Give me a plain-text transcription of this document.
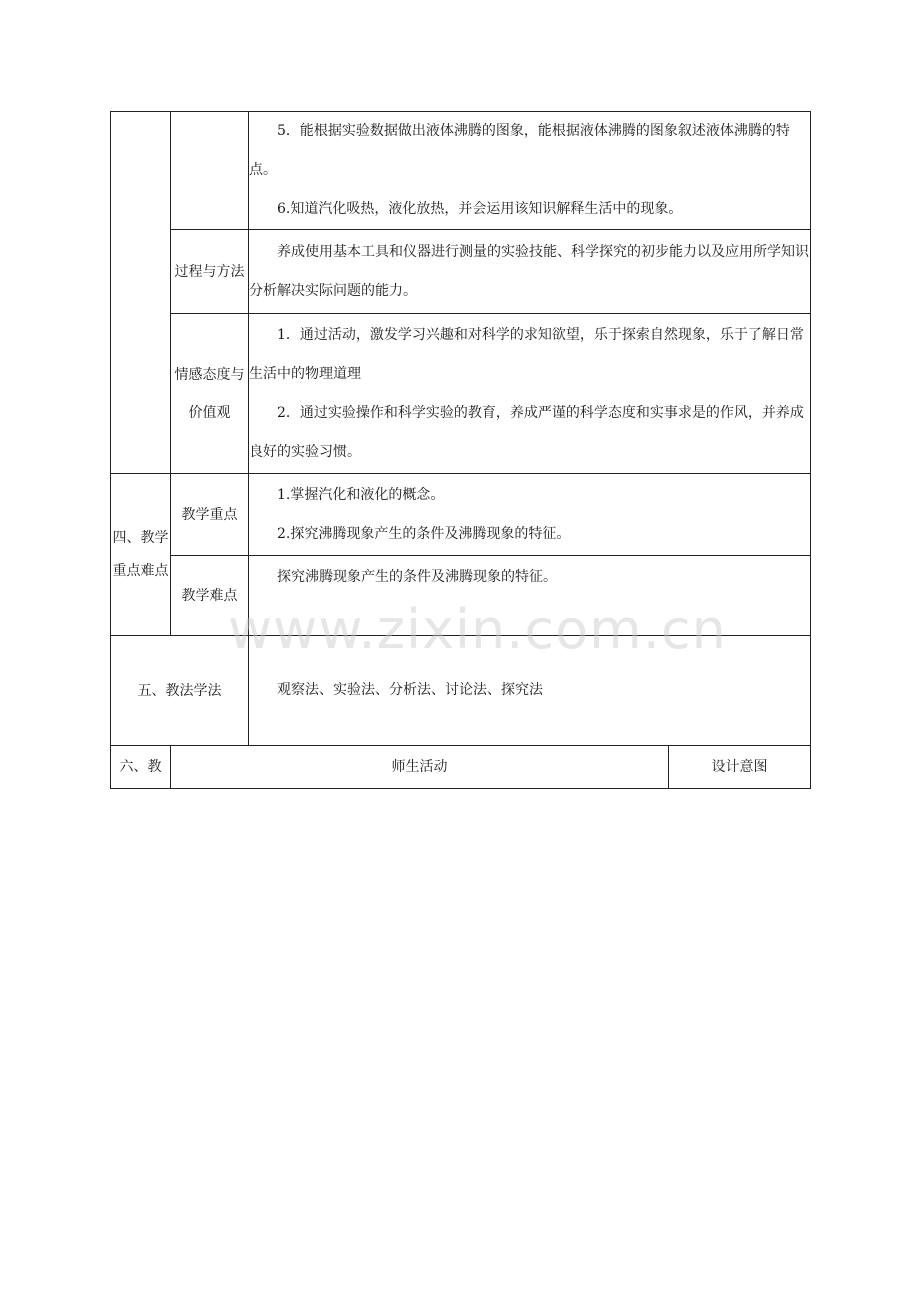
		5．能根据实验数据做出液体沸腾的图象，能根据液体沸腾的图象叙述液体沸腾的特点。

6.知道汽化吸热，液化放热，并会运用该知识解释生活中的现象。	

	过程与方法	养成使用基本工具和仪器进行测量的实验技能、科学探究的初步能力以及应用所学知识分析解决实际问题的能力。	

	情感态度与价值观	1．通过活动，激发学习兴趣和对科学的求知欲望，乐于探索自然现象，乐于了解日常生活中的物理道理

2．通过实验操作和科学实验的教育，养成严谨的科学态度和实事求是的作风，并养成良好的实验习惯。	

四、教学重点难点	教学重点	1.掌握汽化和液化的概念。

2.探究沸腾现象产生的条件及沸腾现象的特征。	

	教学难点	探究沸腾现象产生的条件及沸腾现象的特征。	

五、教法学法		观察法、实验法、分析法、讨论法、探究法	

六、教	师生活动		设计意图
www.zixin.com.cn
